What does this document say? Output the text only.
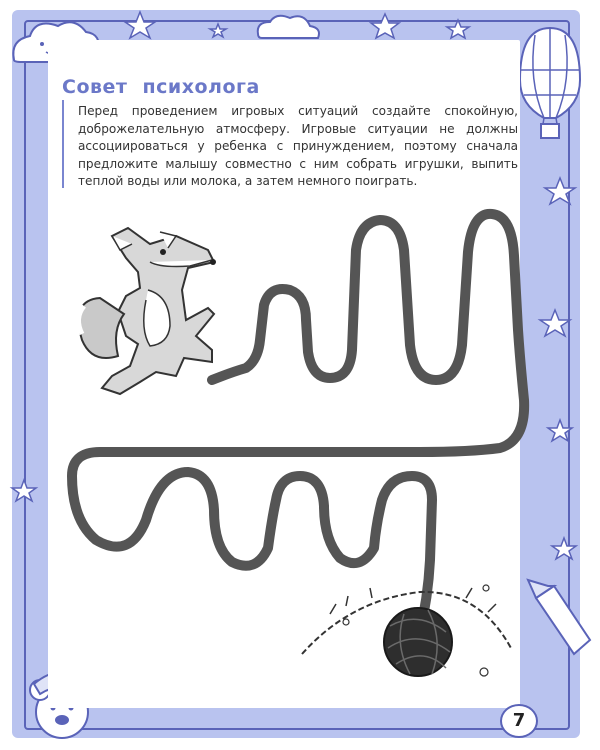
Совет психолога

Перед проведением игровых ситуаций создайте спокойную, доброжелательную атмосферу. Игровые ситуации не должны ассоциироваться у ребенка с принуждением, поэтому сначала предложите малышу совместно с ним собрать игрушки, выпить теплой воды или молока, а затем немного поиграть.

7
